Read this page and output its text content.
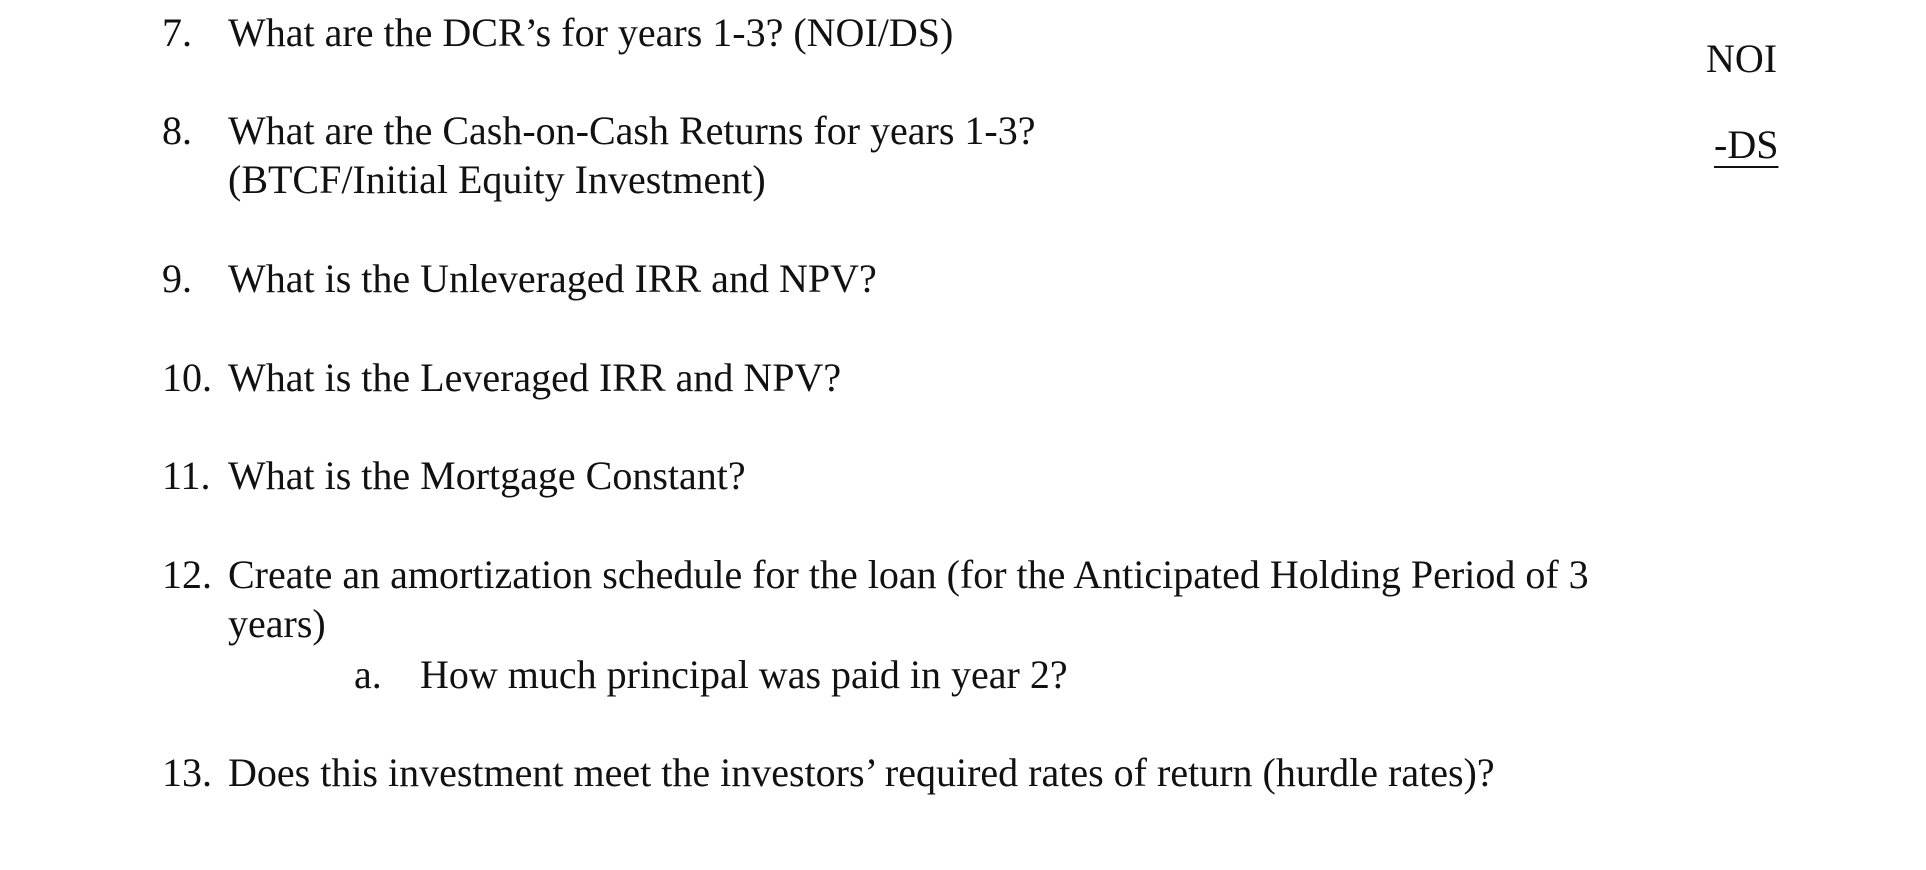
7. What are the DCR’s for years 1-3? (NOI/DS)
8. What are the Cash-on-Cash Returns for years 1-3?
(BTCF/Initial Equity Investment)
9. What is the Unleveraged IRR and NPV?
10. What is the Leveraged IRR and NPV?
11. What is the Mortgage Constant?
12. Create an amortization schedule for the loan (for the Anticipated Holding Period of 3
years)
a. How much principal was paid in year 2?
13. Does this investment meet the investors’ required rates of return (hurdle rates)?
NOI
-DS
